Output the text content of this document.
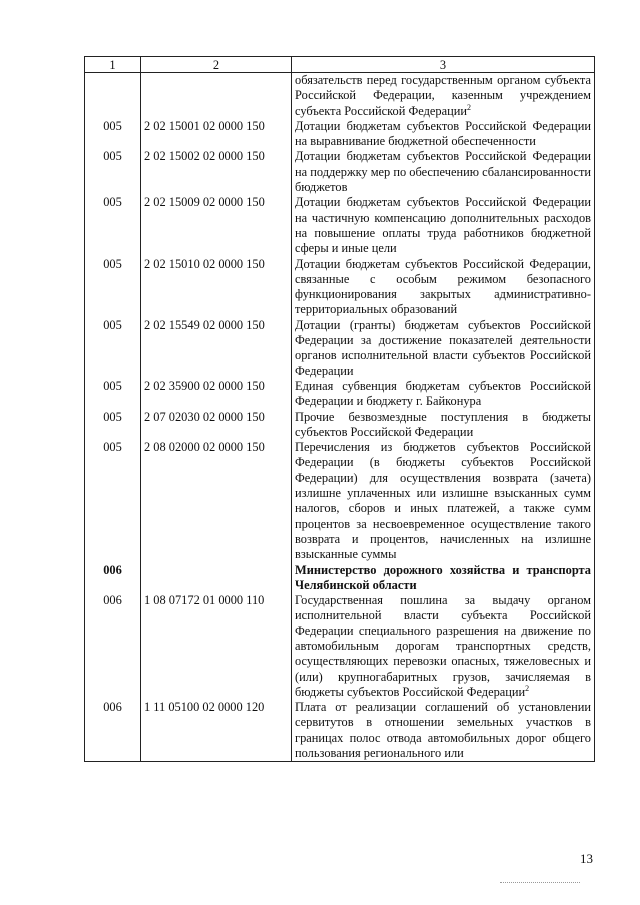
1	2	3
		обязательств перед государственным органом субъекта Российской Федерации, казенным учреждением субъекта Российской Федерации$^2$
005	2 02 15001 02 0000 150	Дотации бюджетам субъектов Российской Федерации на выравнивание бюджетной обеспеченности
005	2 02 15002 02 0000 150	Дотации бюджетам субъектов Российской Федерации на поддержку мер по обеспечению сбалансированности бюджетов
005	2 02 15009 02 0000 150	Дотации бюджетам субъектов Российской Федерации на частичную компенсацию дополнительных расходов на повышение оплаты труда работников бюджетной сферы и иные цели
005	2 02 15010 02 0000 150	Дотации бюджетам субъектов Российской Федерации, связанные с особым режимом безопасного функционирования закрытых административно-территориальных образований
005	2 02 15549 02 0000 150	Дотации (гранты) бюджетам субъектов Российской Федерации за достижение показателей деятельности органов исполнительной власти субъектов Российской Федерации
005	2 02 35900 02 0000 150	Единая субвенция бюджетам субъектов Российской Федерации и бюджету г. Байконура
005	2 07 02030 02 0000 150	Прочие безвозмездные поступления в бюджеты субъектов Российской Федерации
005	2 08 02000 02 0000 150	Перечисления из бюджетов субъектов Российской Федерации (в бюджеты субъектов Российской Федерации) для осуществления возврата (зачета) излишне уплаченных или излишне взысканных сумм налогов, сборов и иных платежей, а также сумм процентов за несвоевременное осуществление такого возврата и процентов, начисленных на излишне взысканные суммы
006		Министерство дорожного хозяйства и транспорта Челябинской области
006	1 08 07172 01 0000 110	Государственная пошлина за выдачу органом исполнительной власти субъекта Российской Федерации специального разрешения на движение по автомобильным дорогам транспортных средств, осуществляющих перевозки опасных, тяжеловесных и (или) крупногабаритных грузов, зачисляемая в бюджеты субъектов Российской Федерации$^2$
006	1 11 05100 02 0000 120	Плата от реализации соглашений об установлении сервитутов в отношении земельных участков в границах полос отвода автомобильных дорог общего пользования регионального или
13
